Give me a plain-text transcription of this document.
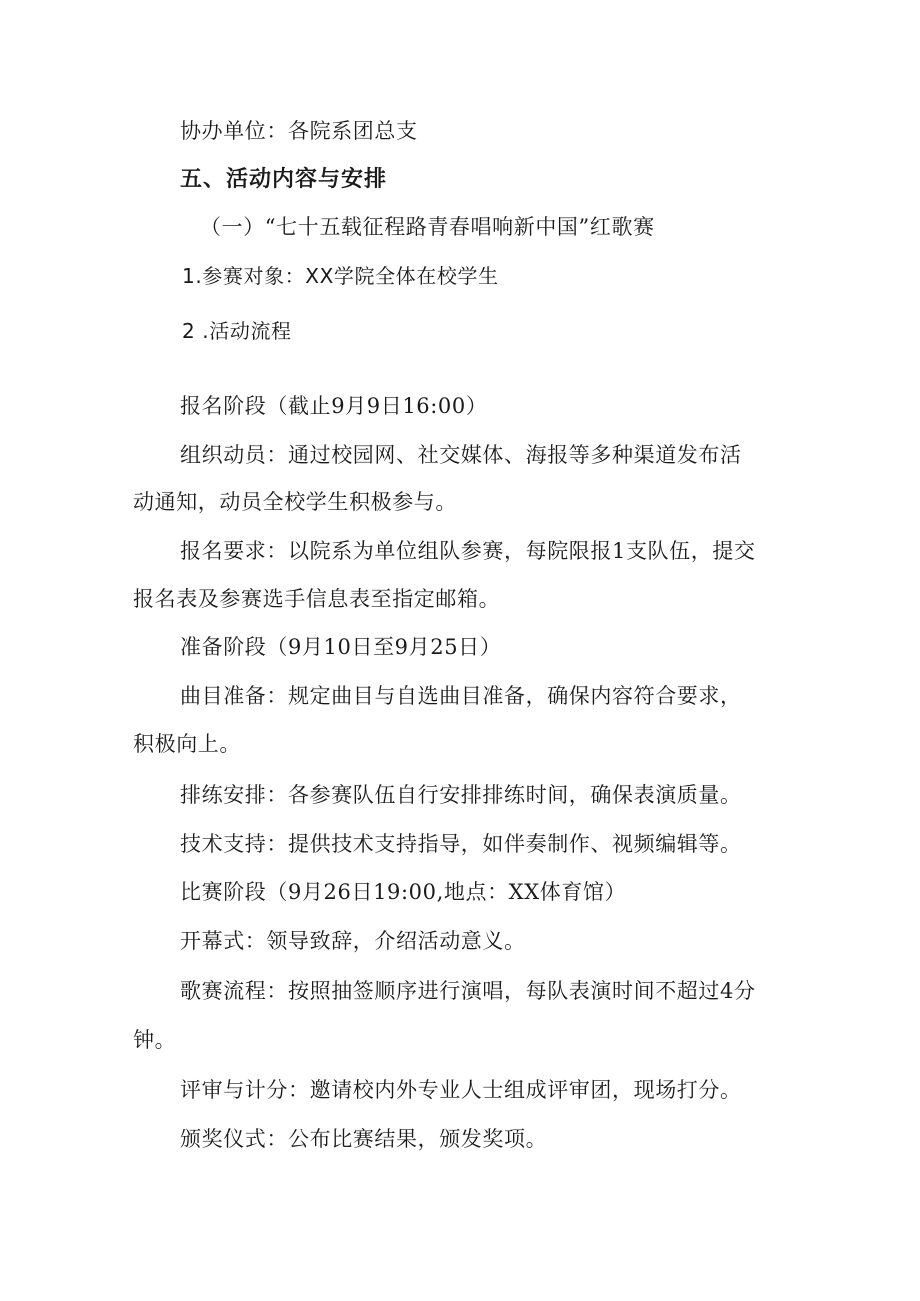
协办单位：各院系团总支

五、活动内容与安排

（一）“七十五载征程路青春唱响新中国”红歌赛

1.参赛对象：XX学院全体在校学生

2 .活动流程

报名阶段（截止9月9日16:00）

组织动员：通过校园网、社交媒体、海报等多种渠道发布活

动通知，动员全校学生积极参与。

报名要求：以院系为单位组队参赛，每院限报1支队伍，提交

报名表及参赛选手信息表至指定邮箱。

准备阶段（9月10日至9月25日）

曲目准备：规定曲目与自选曲目准备，确保内容符合要求，

积极向上。

排练安排：各参赛队伍自行安排排练时间，确保表演质量。

技术支持：提供技术支持指导，如伴奏制作、视频编辑等。

比赛阶段（9月26日19:00,地点：XX体育馆）

开幕式：领导致辞，介绍活动意义。

歌赛流程：按照抽签顺序进行演唱，每队表演时间不超过4分

钟。

评审与计分：邀请校内外专业人士组成评审团，现场打分。

颁奖仪式：公布比赛结果，颁发奖项。
